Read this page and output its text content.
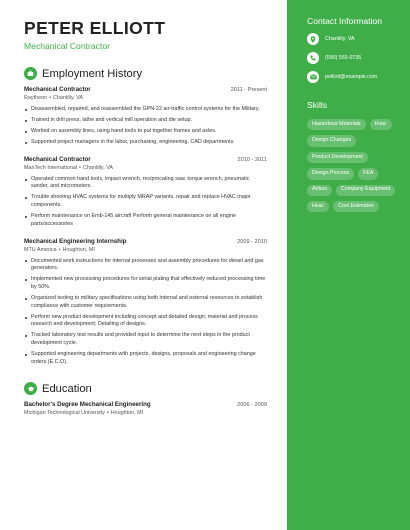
PETER ELLIOTT
Mechanical Contractor
Employment History
Mechanical Contractor	2011 - Present
Raytheon • Chantilly, VA
Disassembled, repaired, and reassembled the GPN-22 air-traffic control systems for the Military.
Trained in drill press, lathe and vertical mill operation and die setup.
Worked on assembly lines, using hand tools to put together frames and axles.
Supported project managers in the labor, purchasing, engineering, CAD departments.
Mechanical Contractor	2010 - 2011
ManTech International • Chantilly, VA
Operated common hand tools, impact wrench, reciprocating saw, torque wrench, pneumatic sander, and micrometers.
Trouble shooting HVAC systems for multiply MRAP variants, repair and replace HVAC major components.
Perform maintenance on Emb-145 aircraft Perform general maintenance on all engine parts/accessories
Mechanical Engineering Internship	2009 - 2010
MTU America • Houghton, MI
Documented work instructions for internal processes and assembly procedures for diesel and gas generators.
Implemented new processing procedures for serial plating that effectively reduced processing time by 50%.
Organized testing to military specifications using both internal and external resources to establish compliance with customer requirements.
Perform new product development including concept and detailed design; material and process research and development; Detailing of designs.
Tracked laboratory test results and provided input to determine the next steps in the product development cycle.
Supported engineering departments with projects, designs, proposals and engineering change orders (E.C.O).
Education
Bachelor's Degree Mechanical Engineering	2006 - 2009
Michigan Technological University • Houghton, MI
Contact Information
Chantilly, VA
(590) 555-0735
pelliott@example.com
Skills
Hazardous Materials	Hvac
Design Changes
Product Development
Design Process	FEA
Airbus	Company Equipment
Hvac	Cost Estimates
